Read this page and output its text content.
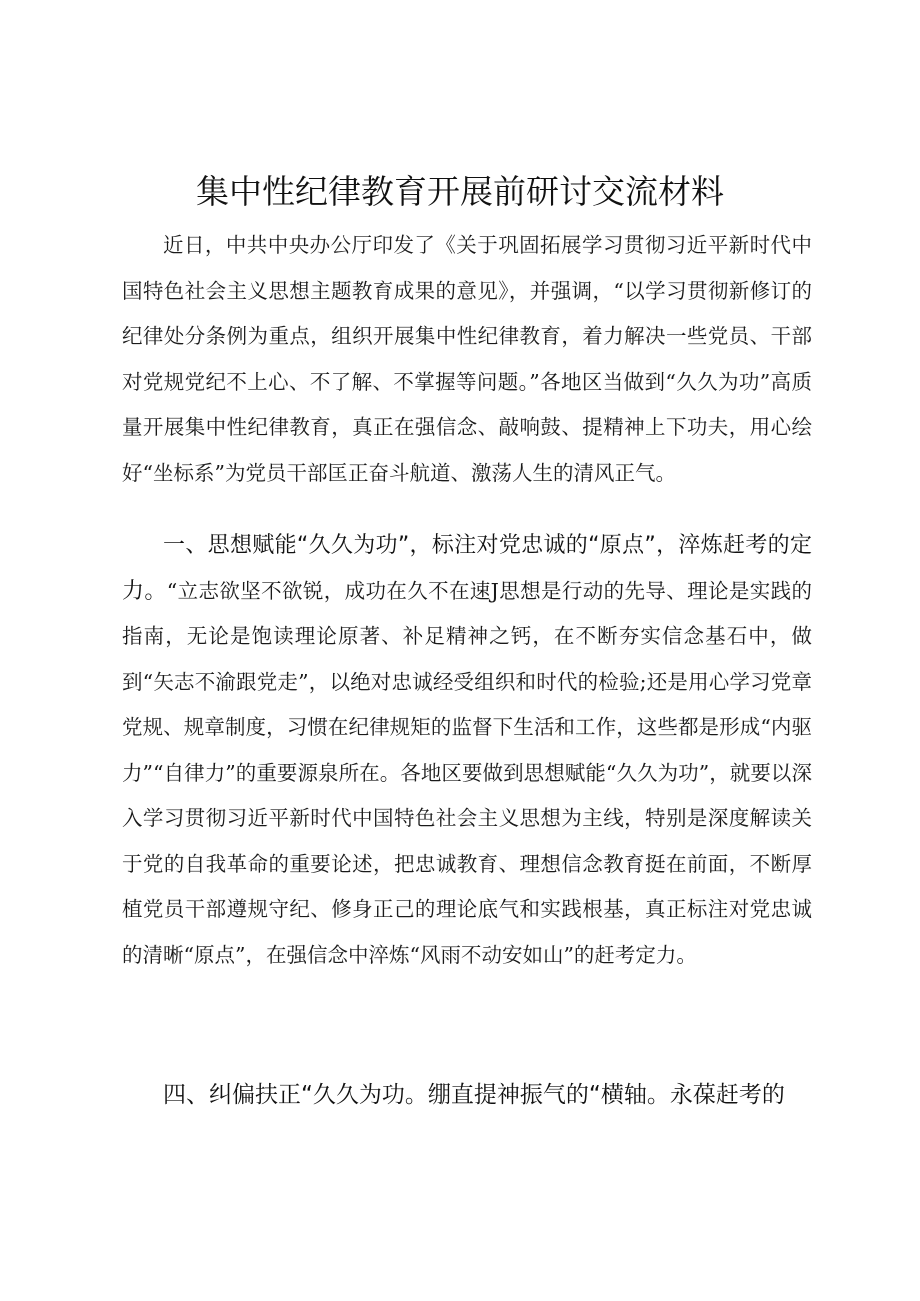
集中性纪律教育开展前研讨交流材料

近日，中共中央办公厅印发了《关于巩固拓展学习贯彻习近平新时代中国特色社会主义思想主题教育成果的意见》，并强调，“以学习贯彻新修订的纪律处分条例为重点，组织开展集中性纪律教育，着力解决一些党员、干部对党规党纪不上心、不了解、不掌握等问题。”各地区当做到“久久为功”高质量开展集中性纪律教育，真正在强信念、敲响鼓、提精神上下功夫，用心绘好“坐标系”为党员干部匡正奋斗航道、激荡人生的清风正气。

一、思想赋能“久久为功”，标注对党忠诚的“原点”，淬炼赶考的定力。“立志欲坚不欲锐，成功在久不在速J思想是行动的先导、理论是实践的指南，无论是饱读理论原著、补足精神之钙，在不断夯实信念基石中，做到“矢志不渝跟党走”，以绝对忠诚经受组织和时代的检验;还是用心学习党章党规、规章制度，习惯在纪律规矩的监督下生活和工作，这些都是形成“内驱力”“自律力”的重要源泉所在。各地区要做到思想赋能“久久为功”，就要以深入学习贯彻习近平新时代中国特色社会主义思想为主线，特别是深度解读关于党的自我革命的重要论述，把忠诚教育、理想信念教育挺在前面，不断厚植党员干部遵规守纪、修身正己的理论底气和实践根基，真正标注对党忠诚的清晰“原点”，在强信念中淬炼“风雨不动安如山”的赶考定力。

四、纠偏扶正“久久为功。绷直提神振气的“横轴。永葆赶考的
